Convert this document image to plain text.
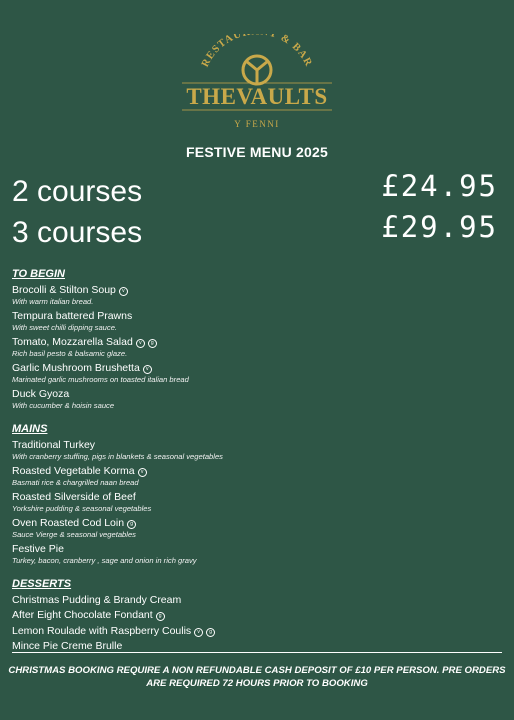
RESTAU T & BAR
THEVAULTS
Y FENNI
FESTIVE MENU 2025
2 courses	£24.95
3 courses	£29.95
TO BEGIN
Brocolli & Stilton Soup v
With warm italian bread.
Tempura battered Prawns
With sweet chilli dipping sauce.
Tomato, Mozzarella Salad v g
Rich basil pesto & balsamic glaze.
Garlic Mushroom Brushetta v
Marinated garlic mushrooms on toasted italian bread
Duck Gyoza
With cucumber & hoisin sauce
MAINS
Traditional Turkey
With cranberry stuffing, pigs in blankets & seasonal vegetables
Roasted Vegetable Korma v
Basmati rice & chargrilled naan bread
Roasted Silverside of Beef
Yorkshire pudding & seasonal vegetables
Oven Roasted Cod Loin g
Sauce Vierge & seasonal vegetables
Festive Pie
Turkey, bacon, cranberry , sage and onion in rich gravy
DESSERTS
Christmas Pudding & Brandy Cream
After Eight Chocolate Fondant g
Lemon Roulade with Raspberry Coulis v g
Mince Pie Creme Brulle
CHRISTMAS BOOKING REQUIRE A NON REFUNDABLE CASH DEPOSIT OF £10 PER PERSON. PRE ORDERS ARE REQUIRED 72 HOURS PRIOR TO BOOKING
